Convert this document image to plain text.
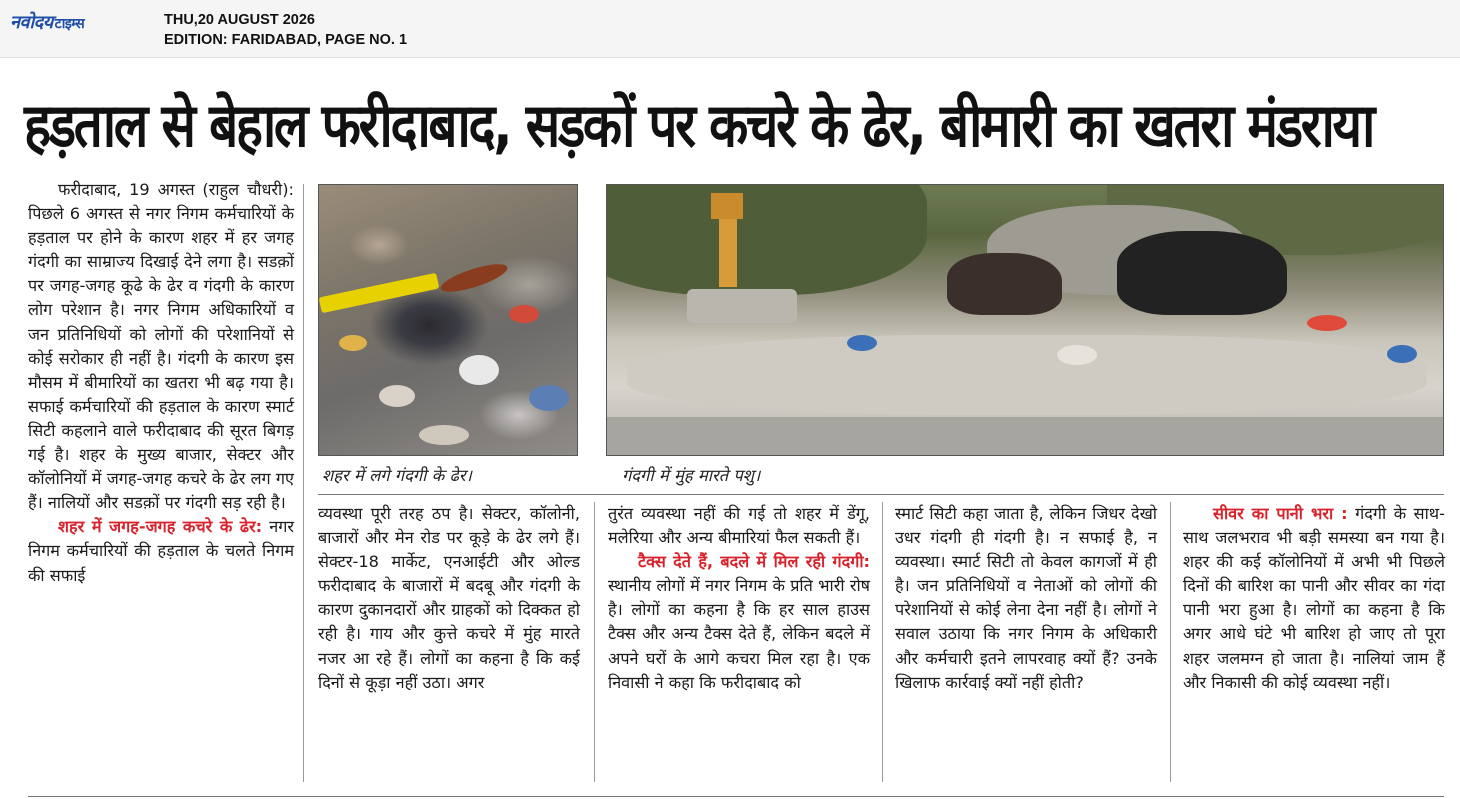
नवोदय टाइम्स	THU,20 AUGUST 2026
EDITION: FARIDABAD, PAGE NO. 1
हड़ताल से बेहाल फरीदाबाद, सड़कों पर कचरे के ढेर, बीमारी का खतरा मंडराया

फरीदाबाद, 19 अगस्त (राहुल चौधरी): पिछले 6 अगस्त से नगर निगम कर्मचारियों के हड़ताल पर होने के कारण शहर में हर जगह गंदगी का साम्राज्य दिखाई देने लगा है। सडक़ों पर जगह-जगह कूढे के ढेर व गंदगी के कारण लोग परेशान है। नगर निगम अधिकारियों व जन प्रतिनिधियों को लोगों की परेशानियों से कोई सरोकार ही नहीं है। गंदगी के कारण इस मौसम में बीमारियों का खतरा भी बढ़ गया है। सफाई कर्मचारियों की हड़ताल के कारण स्मार्ट सिटी कहलाने वाले फरीदाबाद की सूरत बिगड़ गई है। शहर के मुख्य बाजार, सेक्टर और कॉलोनियों में जगह-जगह कचरे के ढेर लग गए हैं। नालियों और सडक़ों पर गंदगी सड़ रही है।

शहर में जगह-जगह कचरे के ढेर: नगर निगम कर्मचारियों की हड़ताल के चलते निगम की सफाई

शहर में लगे गंदगी के ढेर।	गंदगी में मुंह मारते पशु।

व्यवस्था पूरी तरह ठप है। सेक्टर, कॉलोनी, बाजारों और मेन रोड पर कूड़े के ढेर लगे हैं। सेक्टर-18 मार्केट, एनआईटी और ओल्ड फरीदाबाद के बाजारों में बदबू और गंदगी के कारण दुकानदारों और ग्राहकों को दिक्कत हो रही है। गाय और कुत्ते कचरे में मुंह मारते नजर आ रहे हैं। लोगों का कहना है कि कई दिनों से कूड़ा नहीं उठा। अगर

तुरंत व्यवस्था नहीं की गई तो शहर में डेंगू, मलेरिया और अन्य बीमारियां फैल सकती हैं।

टैक्स देते हैं, बदले में मिल रही गंदगी: स्थानीय लोगों में नगर निगम के प्रति भारी रोष है। लोगों का कहना है कि हर साल हाउस टैक्स और अन्य टैक्स देते हैं, लेकिन बदले में अपने घरों के आगे कचरा मिल रहा है। एक निवासी ने कहा कि फरीदाबाद को

स्मार्ट सिटी कहा जाता है, लेकिन जिधर देखो उधर गंदगी ही गंदगी है। न सफाई है, न व्यवस्था। स्मार्ट सिटी तो केवल कागजों में ही है। जन प्रतिनिधियों व नेताओं को लोगों की परेशानियों से कोई लेना देना नहीं है। लोगों ने सवाल उठाया कि नगर निगम के अधिकारी और कर्मचारी इतने लापरवाह क्यों हैं? उनके खिलाफ कार्रवाई क्यों नहीं होती?

सीवर का पानी भरा : गंदगी के साथ-साथ जलभराव भी बड़ी समस्या बन गया है। शहर की कई कॉलोनियों में अभी भी पिछले दिनों की बारिश का पानी और सीवर का गंदा पानी भरा हुआ है। लोगों का कहना है कि अगर आधे घंटे भी बारिश हो जाए तो पूरा शहर जलमग्न हो जाता है। नालियां जाम हैं और निकासी की कोई व्यवस्था नहीं।
